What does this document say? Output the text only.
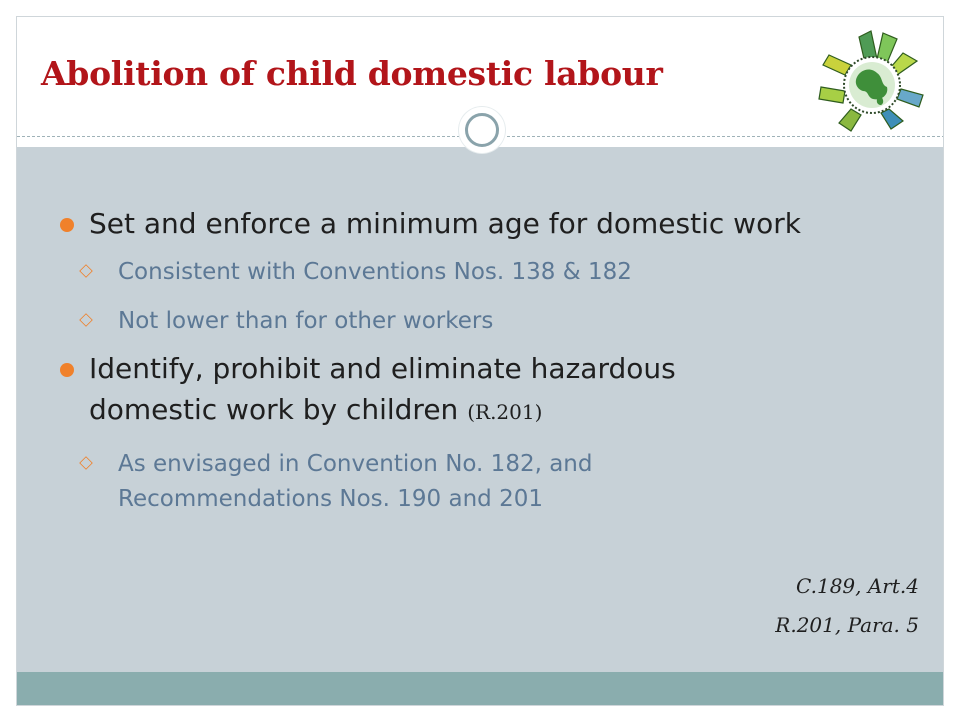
Abolition of child domestic labour
Set and enforce a minimum age for domestic work
Consistent with Conventions Nos. 138 & 182
Not lower than for other workers
Identify, prohibit and eliminate hazardous
domestic work by children (R.201)
As envisaged in Convention No. 182, and
Recommendations Nos. 190 and 201
C.189, Art.4
R.201, Para. 5
